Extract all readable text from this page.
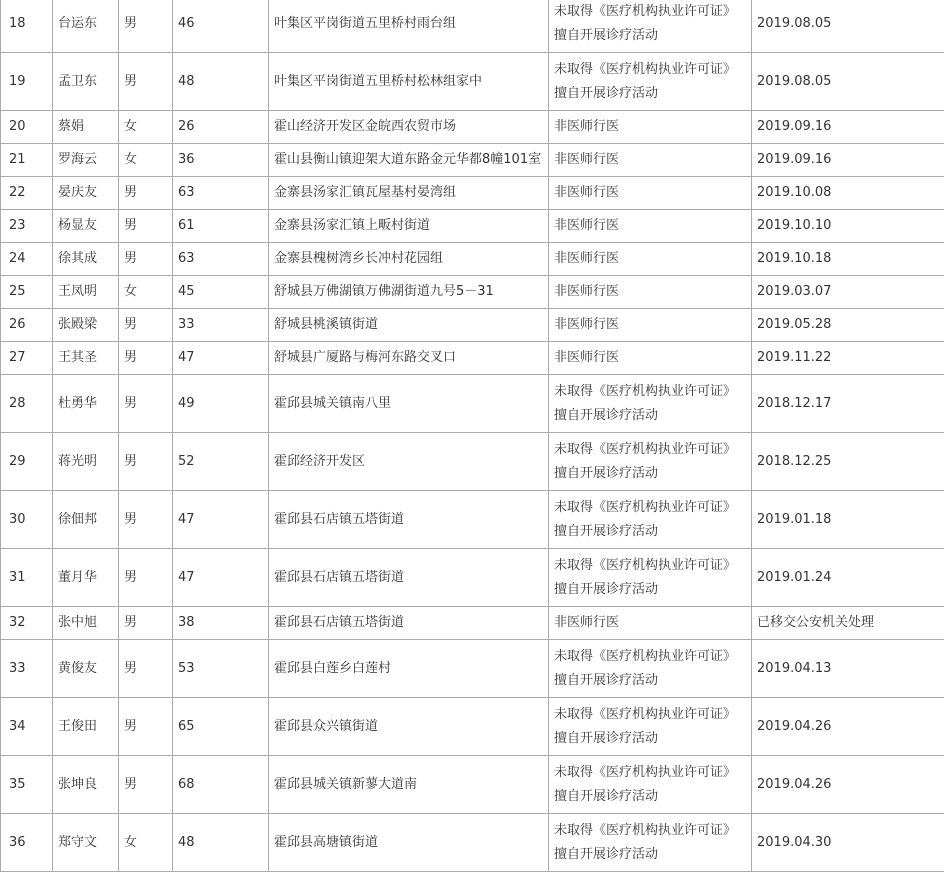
18	台运东	男	46	叶集区平岗街道五里桥村雨台组	未取得《医疗机构执业许可证》擅自开展诊疗活动	2019.08.05
19	孟卫东	男	48	叶集区平岗街道五里桥村松林组家中	未取得《医疗机构执业许可证》擅自开展诊疗活动	2019.08.05
20	蔡娟	女	26	霍山经济开发区金皖西农贸市场	非医师行医	2019.09.16
21	罗海云	女	36	霍山县衡山镇迎架大道东路金元华都8幢101室	非医师行医	2019.09.16
22	晏庆友	男	63	金寨县汤家汇镇瓦屋基村晏湾组	非医师行医	2019.10.08
23	杨显友	男	61	金寨县汤家汇镇上畈村街道	非医师行医	2019.10.10
24	徐其成	男	63	金寨县槐树湾乡长冲村花园组	非医师行医	2019.10.18
25	王凤明	女	45	舒城县万佛湖镇万佛湖街道九号5－31	非医师行医	2019.03.07
26	张殿梁	男	33	舒城县桃溪镇街道	非医师行医	2019.05.28
27	王其圣	男	47	舒城县广厦路与梅河东路交叉口	非医师行医	2019.11.22
28	杜勇华	男	49	霍邱县城关镇南八里	未取得《医疗机构执业许可证》擅自开展诊疗活动	2018.12.17
29	蒋光明	男	52	霍邱经济开发区	未取得《医疗机构执业许可证》擅自开展诊疗活动	2018.12.25
30	徐佃邦	男	47	霍邱县石店镇五塔街道	未取得《医疗机构执业许可证》擅自开展诊疗活动	2019.01.18
31	董月华	男	47	霍邱县石店镇五塔街道	未取得《医疗机构执业许可证》擅自开展诊疗活动	2019.01.24
32	张中旭	男	38	霍邱县石店镇五塔街道	非医师行医	已移交公安机关处理
33	黄俊友	男	53	霍邱县白莲乡白莲村	未取得《医疗机构执业许可证》擅自开展诊疗活动	2019.04.13
34	王俊田	男	65	霍邱县众兴镇街道	未取得《医疗机构执业许可证》擅自开展诊疗活动	2019.04.26
35	张坤良	男	68	霍邱县城关镇新蓼大道南	未取得《医疗机构执业许可证》擅自开展诊疗活动	2019.04.26
36	郑守文	女	48	霍邱县高塘镇街道	未取得《医疗机构执业许可证》擅自开展诊疗活动	2019.04.30
